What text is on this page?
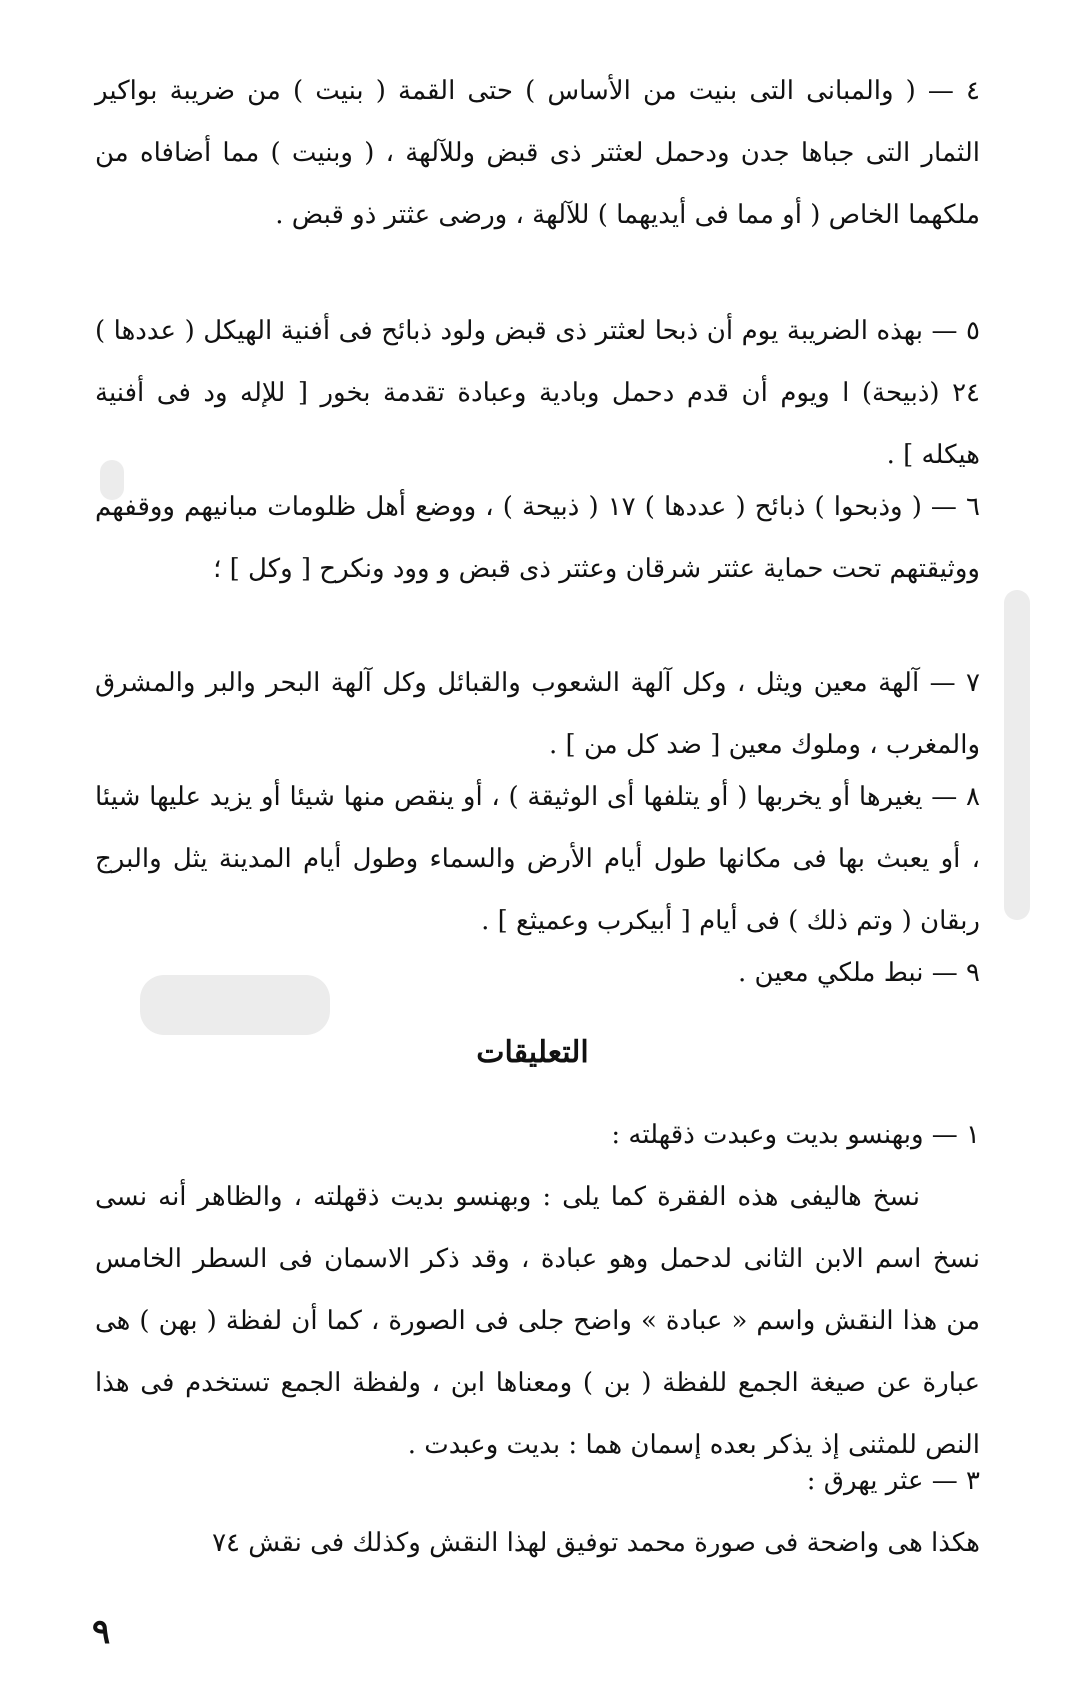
٤ — ( والمبانى التى بنيت من الأساس ) حتى القمة ( بنيت ) من ضريبة بواكير الثمار التى جباها جدن ودحمل لعثتر ذى قبض وللآلهة ، ( وبنيت ) مما أضافاه من ملكهما الخاص ( أو مما فى أيديهما ) للآلهة ، ورضى عثتر ذو قبض .

٥ — بهذه الضريبة يوم أن ذبحا لعثتر ذى قبض ولود ذبائح فى أفنية الهيكل ( عددها ) ٢٤ (ذبيحة) ا ويوم أن قدم دحمل وبادية وعبادة تقدمة بخور [ للإله ود فى أفنية هيكله ] .

٦ — ( وذبحوا ) ذبائح ( عددها ) ١٧ ( ذبيحة ) ، ووضع أهل ظلومات مبانيهم ووقفهم ووثيقتهم تحت حماية عثتر شرقان وعثتر ذى قبض و وود ونكرح [ وكل ] ؛

٧ — آلهة معين ويثل ، وكل آلهة الشعوب والقبائل وكل آلهة البحر والبر والمشرق والمغرب ، وملوك معين [ ضد كل من ] .

٨ — يغيرها أو يخربها ( أو يتلفها أى الوثيقة ) ، أو ينقص منها شيئا أو يزيد عليها شيئا ، أو يعبث بها فى مكانها طول أيام الأرض والسماء وطول أيام المدينة يثل والبرج ربقان ( وتم ذلك ) فى أيام [ أبيكرب وعميثع ] .

٩ — نبط ملكي معين .

التعليقات

١ — وبهنسو بديت وعبدت ذقهلته :

نسخ هاليفى هذه الفقرة كما يلى : وبهنسو بديت ذقهلته ، والظاهر أنه نسى نسخ اسم الابن الثانى لدحمل وهو عبادة ، وقد ذكر الاسمان فى السطر الخامس من هذا النقش واسم « عبادة » واضح جلى فى الصورة ، كما أن لفظة ( بهن ) هى عبارة عن صيغة الجمع للفظة ( بن ) ومعناها ابن ، ولفظة الجمع تستخدم فى هذا النص للمثنى إذ يذكر بعده إسمان هما : بديت وعبدت .

٣ — عثر يهرق :

هكذا هى واضحة فى صورة محمد توفيق لهذا النقش وكذلك فى نقش ٧٤

٩
